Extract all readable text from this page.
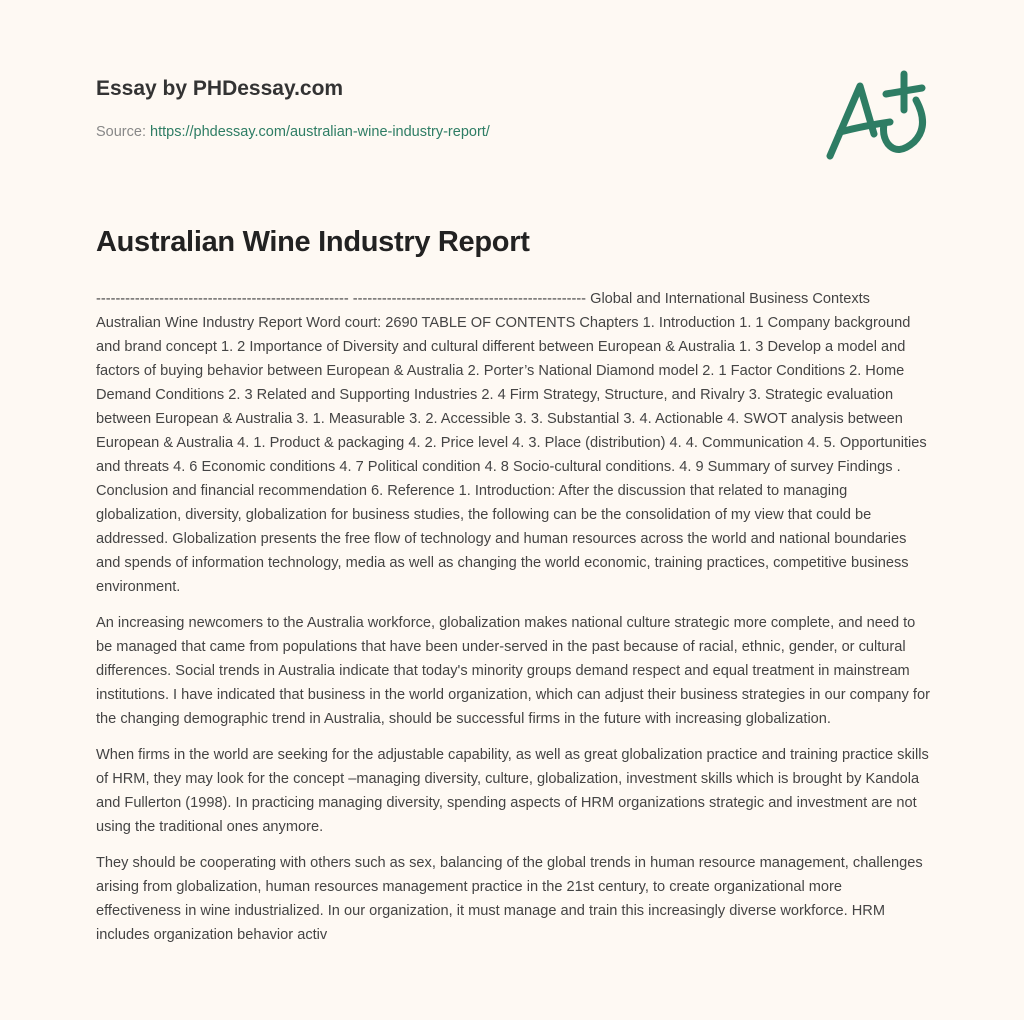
Essay by PHDessay.com
Source: https://phdessay.com/australian-wine-industry-report/
Australian Wine Industry Report

---------------------------------------------------- ------------------------------------------------ Global and International Business Contexts Australian Wine Industry Report Word court: 2690 TABLE OF CONTENTS Chapters 1. Introduction 1. 1 Company background and brand concept 1. 2 Importance of Diversity and cultural different between European & Australia 1. 3 Develop a model and factors of buying behavior between European & Australia 2. Porter’s National Diamond model 2. 1 Factor Conditions 2. Home Demand Conditions 2. 3 Related and Supporting Industries 2. 4 Firm Strategy, Structure, and Rivalry 3. Strategic evaluation between European & Australia 3. 1. Measurable 3. 2. Accessible 3. 3. Substantial 3. 4. Actionable 4. SWOT analysis between European & Australia 4. 1. Product & packaging 4. 2. Price level 4. 3. Place (distribution) 4. 4. Communication 4. 5. Opportunities and threats 4. 6 Economic conditions 4. 7 Political condition 4. 8 Socio-cultural conditions. 4. 9 Summary of survey Findings . Conclusion and financial recommendation 6. Reference 1. Introduction: After the discussion that related to managing globalization, diversity, globalization for business studies, the following can be the consolidation of my view that could be addressed. Globalization presents the free flow of technology and human resources across the world and national boundaries and spends of information technology, media as well as changing the world economic, training practices, competitive business environment.

An increasing newcomers to the Australia workforce, globalization makes national culture strategic more complete, and need to be managed that came from populations that have been under-served in the past because of racial, ethnic, gender, or cultural differences. Social trends in Australia indicate that today's minority groups demand respect and equal treatment in mainstream institutions. I have indicated that business in the world organization, which can adjust their business strategies in our company for the changing demographic trend in Australia, should be successful firms in the future with increasing globalization.

When firms in the world are seeking for the adjustable capability, as well as great globalization practice and training practice skills of HRM, they may look for the concept –managing diversity, culture, globalization, investment skills which is brought by Kandola and Fullerton (1998). In practicing managing diversity, spending aspects of HRM organizations strategic and investment are not using the traditional ones anymore.

They should be cooperating with others such as sex, balancing of the global trends in human resource management, challenges arising from globalization, human resources management practice in the 21st century, to create organizational more effectiveness in wine industrialized. In our organization, it must manage and train this increasingly diverse workforce. HRM includes organization behavior activ
